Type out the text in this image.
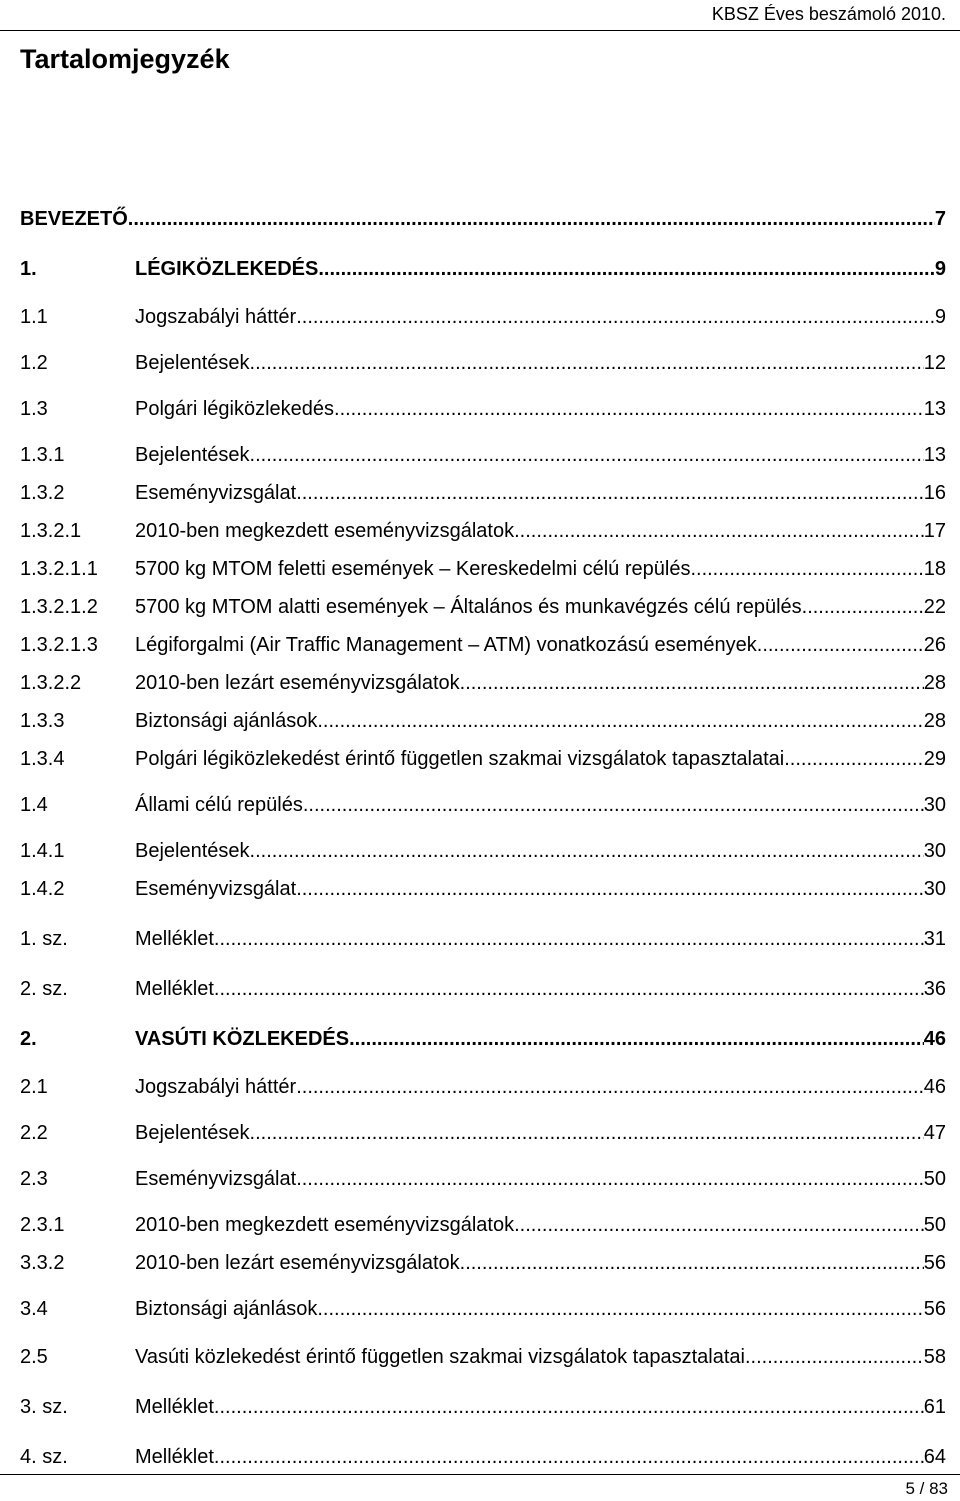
KBSZ Éves beszámoló 2010.
Tartalomjegyzék
BEVEZETŐ .....	7
1.	LÉGIKÖZLEKEDÉS .....	9
1.1	Jogszabályi háttér .....	9
1.2	Bejelentések .....	12
1.3	Polgári légiközlekedés .....	13
1.3.1	Bejelentések .....	13
1.3.2	Eseményvizsgálat .....	16
1.3.2.1	2010-ben megkezdett eseményvizsgálatok .....	17
1.3.2.1.1	5700 kg MTOM feletti események – Kereskedelmi célú repülés .....	18
1.3.2.1.2	5700 kg MTOM alatti események – Általános és munkavégzés célú repülés .....	22
1.3.2.1.3	Légiforgalmi (Air Traffic Management – ATM) vonatkozású események .....	26
1.3.2.2	2010-ben lezárt eseményvizsgálatok .....	28
1.3.3	Biztonsági ajánlások .....	28
1.3.4	Polgári légiközlekedést érintő független szakmai vizsgálatok tapasztalatai .....	29
1.4	Állami célú repülés .....	30
1.4.1	Bejelentések .....	30
1.4.2	Eseményvizsgálat .....	30
1. sz.	Melléklet .....	31
2. sz.	Melléklet .....	36
2.	VASÚTI KÖZLEKEDÉS .....	46
2.1	Jogszabályi háttér .....	46
2.2	Bejelentések .....	47
2.3	Eseményvizsgálat .....	50
2.3.1	2010-ben megkezdett eseményvizsgálatok .....	50
3.3.2	2010-ben lezárt eseményvizsgálatok .....	56
3.4	Biztonsági ajánlások .....	56
2.5	Vasúti közlekedést érintő független szakmai vizsgálatok tapasztalatai .....	58
3. sz.	Melléklet .....	61
4. sz.	Melléklet .....	64
5 / 83
